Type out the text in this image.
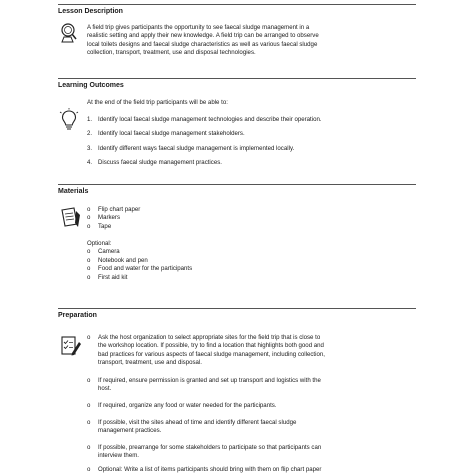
Lesson Description
A field trip gives participants the opportunity to see faecal sludge management in a
realistic setting and apply their new knowledge. A field trip can be arranged to observe
local toilets designs and faecal sludge characteristics as well as various faecal sludge
collection, transport, treatment, use and disposal technologies.
Learning Outcomes
At the end of the field trip participants will be able to:
1. Identify local faecal sludge management technologies and describe their operation.
2. Identify local faecal sludge management stakeholders.
3. Identify different ways faecal sludge management is implemented locally.
4. Discuss faecal sludge management practices.
Materials
o Flip chart paper
o Markers
o Tape
Optional:
o Camera
o Notebook and pen
o Food and water for the participants
o First aid kit
Preparation
o Ask the host organization to select appropriate sites for the field trip that is close to
the workshop location. If possible, try to find a location that highlights both good and
bad practices for various aspects of faecal sludge management, including collection,
transport, treatment, use and disposal.
o If required, ensure permission is granted and set up transport and logistics with the
host.
o If required, organize any food or water needed for the participants.
o If possible, visit the sites ahead of time and identify different faecal sludge
management practices.
o If possible, prearrange for some stakeholders to participate so that participants can
interview them.
o Optional: Write a list of items participants should bring with them on flip chart paper
